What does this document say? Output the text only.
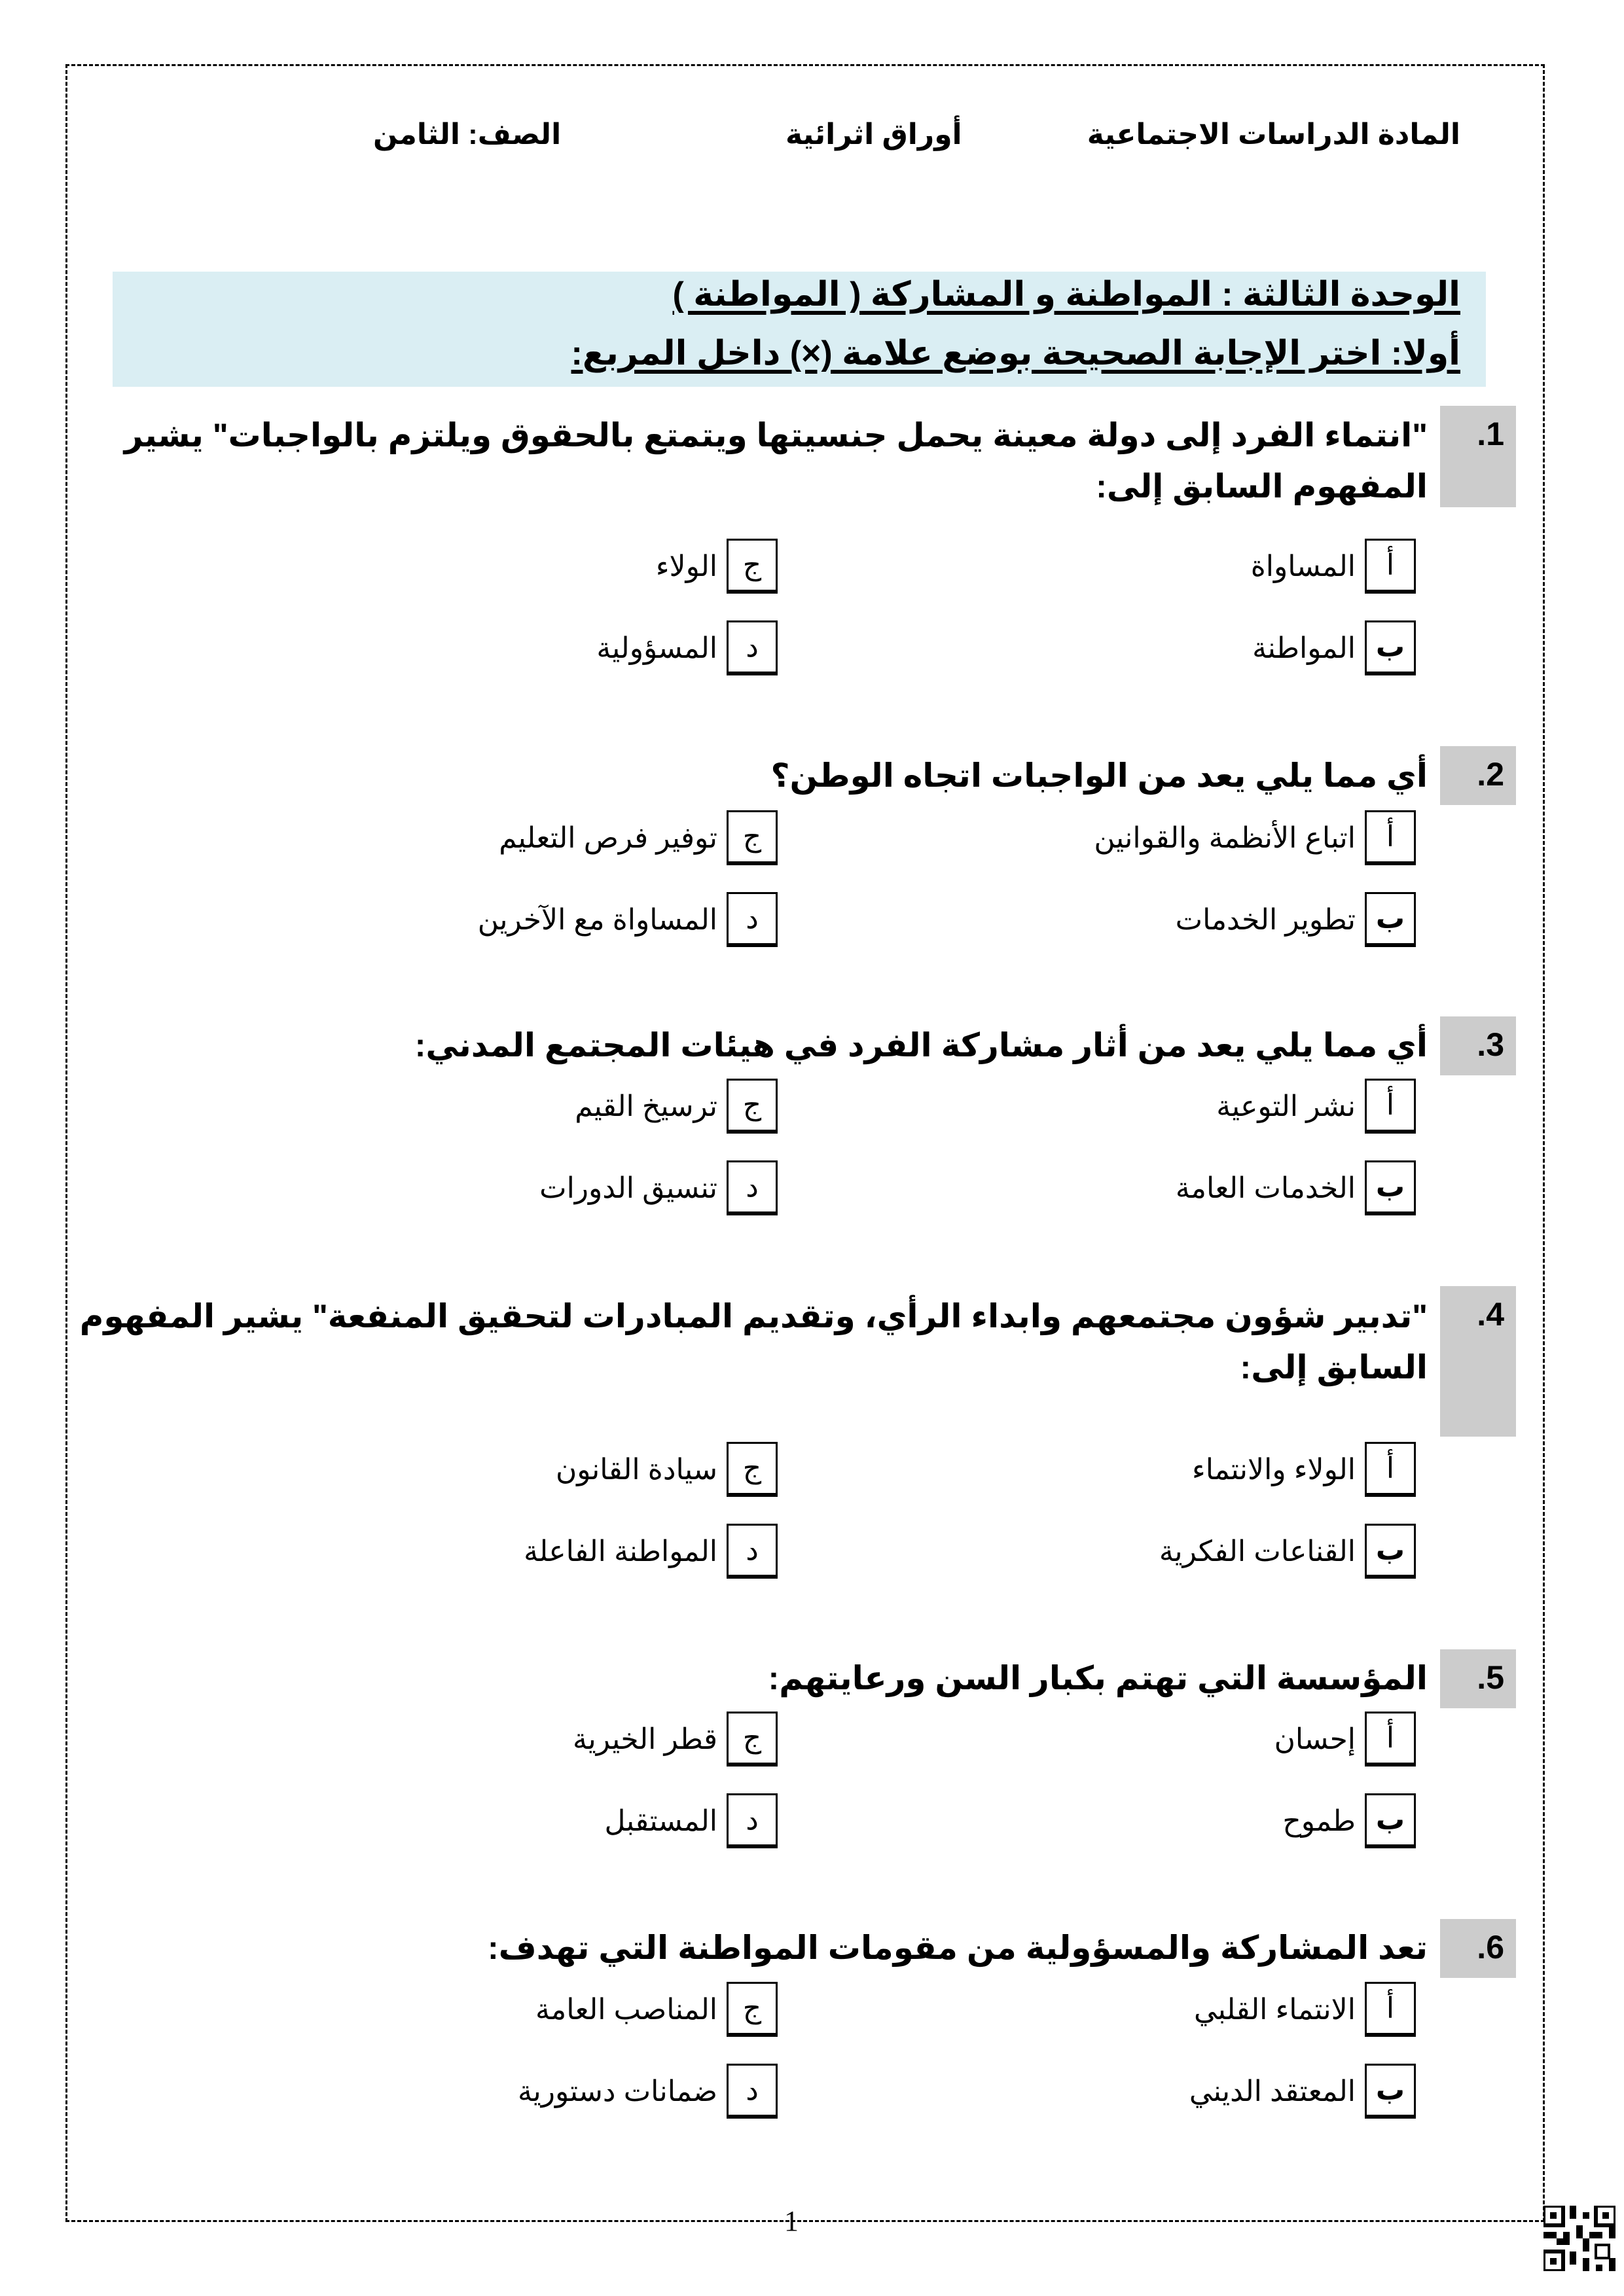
المادة الدراسات الاجتماعية
أوراق اثرائية
الصف: الثامن
الوحدة الثالثة : المواطنة و المشاركة ( المواطنة )
أولا: اختر الإجابة الصحيحة بوضع علامة (×) داخل المربع:
.1
"انتماء الفرد إلى دولة معينة يحمل جنسيتها ويتمتع بالحقوق ويلتزم بالواجبات" يشير المفهوم السابق إلى:
أ
المساواة
ب
المواطنة
ج
الولاء
د
المسؤولية
.2
أي مما يلي يعد من الواجبات اتجاه الوطن؟
أ
اتباع الأنظمة والقوانين
ب
تطوير الخدمات
ج
توفير فرص التعليم
د
المساواة مع الآخرين
.3
أي مما يلي يعد من أثار مشاركة الفرد في هيئات المجتمع المدني:
أ
نشر التوعية
ب
الخدمات العامة
ج
ترسيخ القيم
د
تنسيق الدورات
.4
"تدبير شؤون مجتمعهم وابداء الرأي، وتقديم المبادرات لتحقيق المنفعة" يشير المفهوم السابق إلى:
أ
الولاء والانتماء
ب
القناعات الفكرية
ج
سيادة القانون
د
المواطنة الفاعلة
.5
المؤسسة التي تهتم بكبار السن ورعايتهم:
أ
إحسان
ب
طموح
ج
قطر الخيرية
د
المستقبل
.6
تعد المشاركة والمسؤولية من مقومات المواطنة التي تهدف:
أ
الانتماء القلبي
ب
المعتقد الديني
ج
المناصب العامة
د
ضمانات دستورية
1
